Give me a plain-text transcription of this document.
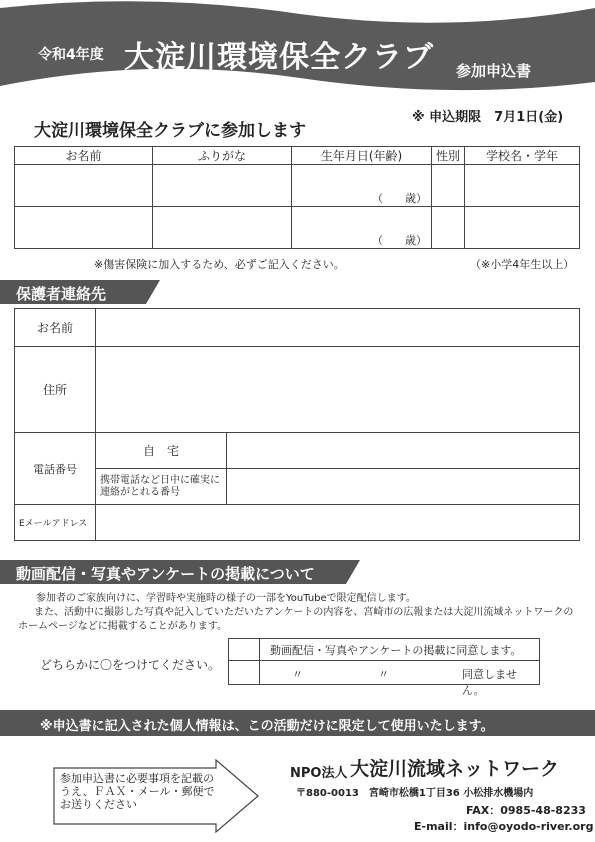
令和4年度 大淀川環境保全クラブ 参加申込書
大淀川環境保全クラブに参加します
※ 申込期限　7月1日(金)
お名前	ふりがな	生年月日(年齢)	性別	学校名・学年
		（　　歳）		
		（　　歳）		
※傷害保険に加入するため、必ずご記入ください。	（※小学4年生以上）
保護者連絡先
お名前		
住所		
電話番号	自　宅	
	携帯電話など日中に確実に連絡がとれる番号	
Eメールアドレス		
動画配信・写真やアンケートの掲載について
参加者のご家族向けに、学習時や実施時の様子の一部をYouTubeで限定配信します。
また、活動中に撮影した写真や記入していただいたアンケートの内容を、宮崎市の広報または大淀川流域ネットワークのホームページなどに掲載することがあります。
どちらかに〇をつけてください。
	動画配信・写真やアンケートの掲載に同意します。

	〃 〃 同意しません。
※申込書に記入された個人情報は、この活動だけに限定して使用いたします。
参加申込書に必要事項を記載のうえ、ＦＡＸ・メール・郵便でお送りください
NPO法人 大淀川流域ネットワーク
〒880-0013　宮崎市松橋1丁目36 小松排水機場内
FAX：0985-48-8233
E-mail：info@oyodo-river.org
